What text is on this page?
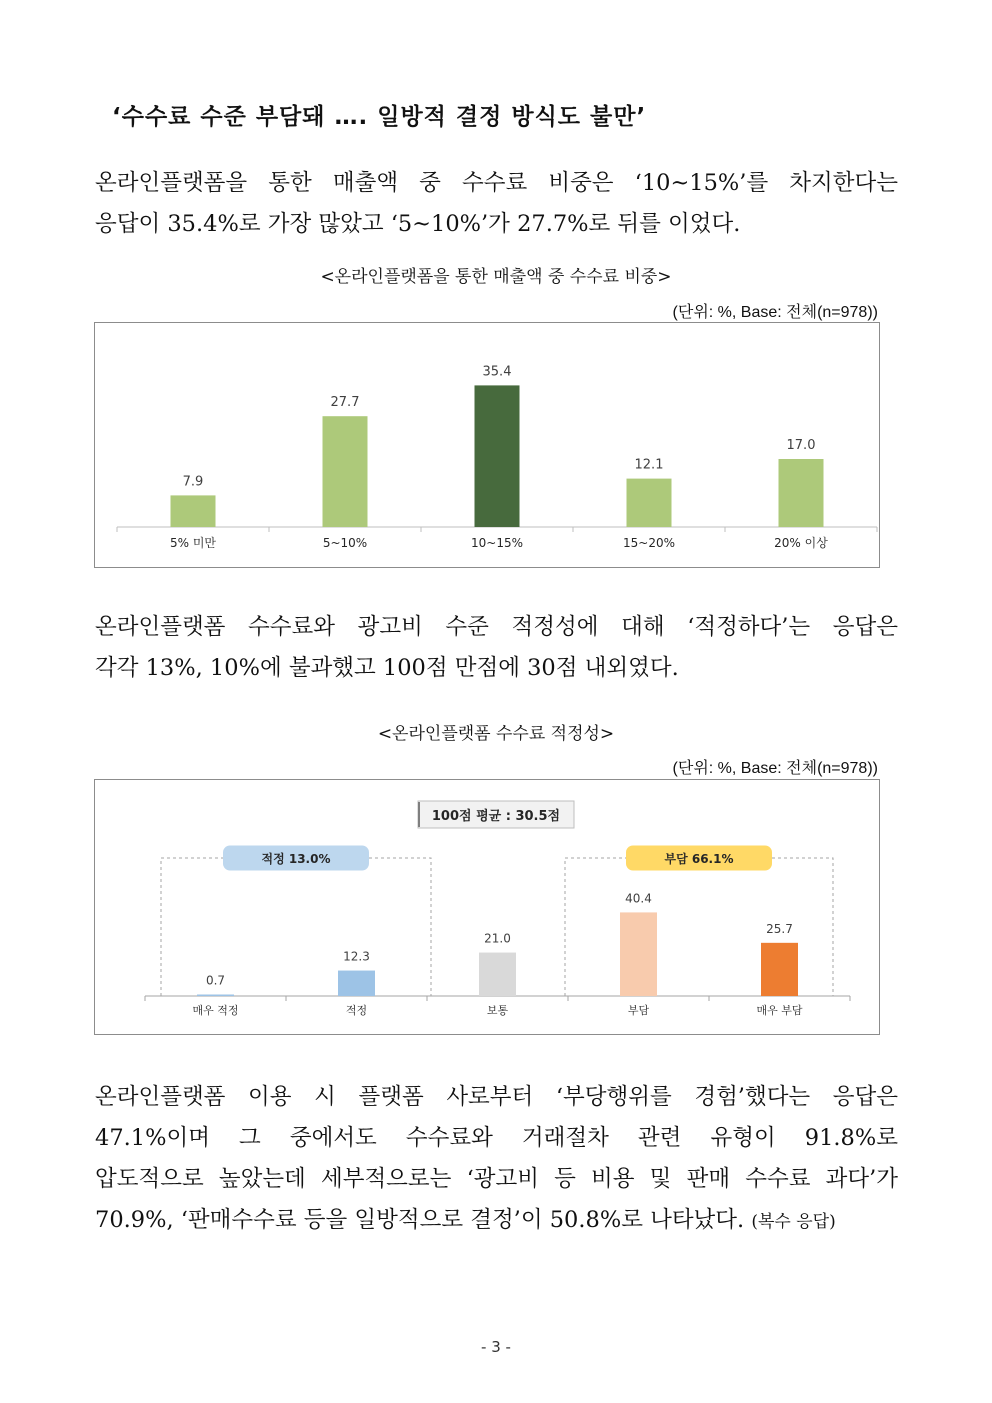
‘수수료 수준 부담돼 …. 일방적 결정 방식도 불만’
온라인플랫폼을 통한 매출액 중 수수료 비중은 ‘10~15%’를 차지한다는
응답이 35.4%로 가장 많았고 ‘5~10%’가 27.7%로 뒤를 이었다.
<온라인플랫폼을 통한 매출액 중 수수료 비중>
(단위: %, Base: 전체(n=978))
7.9
5% 미만
27.7
5~10%
35.4
10~15%
12.1
15~20%
17.0
20% 이상
온라인플랫폼 수수료와 광고비 수준 적정성에 대해 ‘적정하다’는 응답은
각각 13%, 10%에 불과했고 100점 만점에 30점 내외였다.
<온라인플랫폼 수수료 적정성>
(단위: %, Base: 전체(n=978))
100점 평균 : 30.5점
적정 13.0%	부담 66.1%
0.7
매우 적정
12.3
적정
21.0
보통
40.4
부담
25.7
매우 부담
온라인플랫폼 이용 시 플랫폼 사로부터 ‘부당행위를 경험’했다는 응답은
47.1%이며 그 중에서도 수수료와 거래절차 관련 유형이 91.8%로
압도적으로 높았는데 세부적으로는 ‘광고비 등 비용 및 판매 수수료 과다’가
70.9%, ‘판매수수료 등을 일방적으로 결정’이 50.8%로 나타났다. (복수 응답)
- 3 -
